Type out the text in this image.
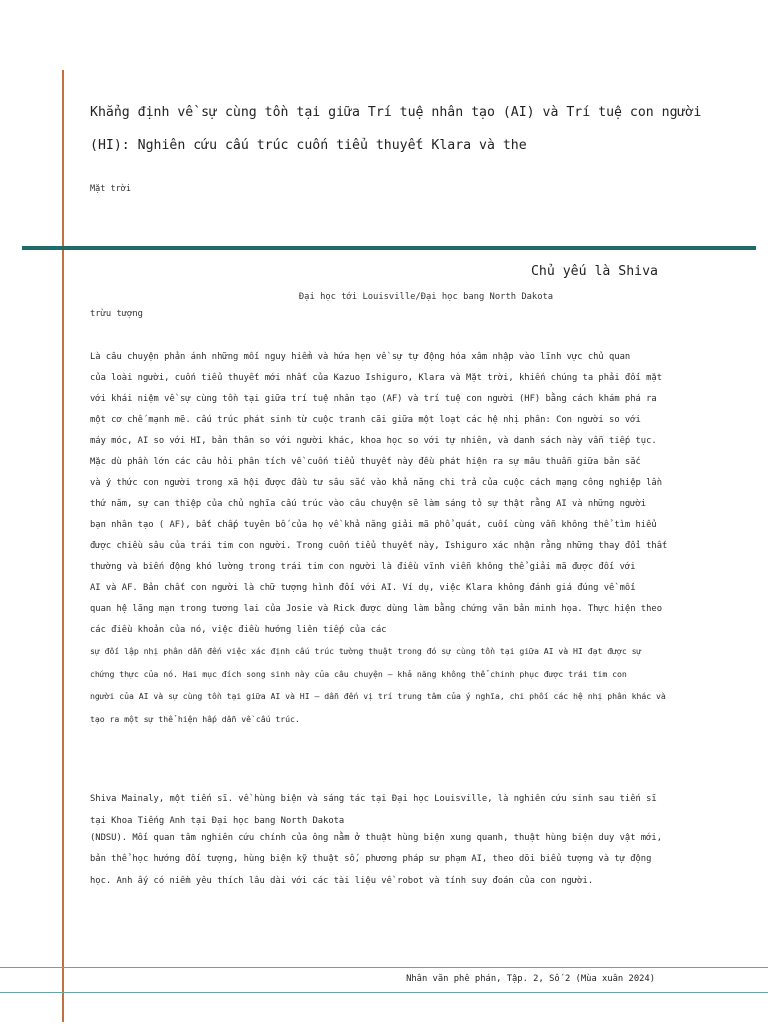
Khẳng định về sự cùng tồn tại giữa Trí tuệ nhân tạo (AI) và Trí tuệ con người
(HI): Nghiên cứu cấu trúc cuốn tiểu thuyết Klara và the
Mặt trời
Chủ yếu là Shiva
Đại học tới Louisville/Đại học bang North Dakota
trừu tượng
Là câu chuyện phản ánh những mối nguy hiểm và hứa hẹn về sự tự động hóa xâm nhập vào lĩnh vực chủ quan
của loài người, cuốn tiểu thuyết mới nhất của Kazuo Ishiguro, Klara và Mặt trời, khiến chúng ta phải đối mặt
với khái niệm về sự cùng tồn tại giữa trí tuệ nhân tạo (AF) và trí tuệ con người (HF) bằng cách khám phá ra
một cơ chế mạnh mẽ. cấu trúc phát sinh từ cuộc tranh cãi giữa một loạt các hệ nhị phân: Con người so với
máy móc, AI so với HI, bản thân so với người khác, khoa học so với tự nhiên, và danh sách này vẫn tiếp tục.
Mặc dù phần lớn các câu hỏi phân tích về cuốn tiểu thuyết này đều phát hiện ra sự mâu thuẫn giữa bản sắc
và ý thức con người trong xã hội được đầu tư sâu sắc vào khả năng chi trả của cuộc cách mạng công nghiệp lần
thứ năm, sự can thiệp của chủ nghĩa cấu trúc vào câu chuyện sẽ làm sáng tỏ sự thật rằng AI và những người
bạn nhân tạo ( AF), bất chấp tuyên bố của họ về khả năng giải mã phổ quát, cuối cùng vẫn không thể tìm hiểu
được chiều sâu của trái tim con người. Trong cuốn tiểu thuyết này, Ishiguro xác nhận rằng những thay đổi thất
thường và biến động khó lường trong trái tim con người là điều vĩnh viễn không thể giải mã được đối với
AI và AF. Bản chất con người là chữ tượng hình đối với AI. Ví dụ, việc Klara không đánh giá đúng về mối
quan hệ lãng mạn trong tương lai của Josie và Rick được dùng làm bằng chứng văn bản minh họa. Thực hiện theo
các điều khoản của nó, việc điều hướng liên tiếp của các
sự đối lập nhị phân dẫn đến việc xác định cấu trúc tường thuật trong đó sự cùng tồn tại giữa AI và HI đạt được sự
chứng thực của nó. Hai mục đích song sinh này của câu chuyện – khả năng không thể chinh phục được trái tim con
người của AI và sự cùng tồn tại giữa AI và HI – dẫn đến vị trí trung tâm của ý nghĩa, chi phối các hệ nhị phân khác và
tạo ra một sự thể hiện hấp dẫn về cấu trúc.
Shiva Mainaly, một tiến sĩ. về hùng biện và sáng tác tại Đại học Louisville, là nghiên cứu sinh sau tiến sĩ
tại Khoa Tiếng Anh tại Đại học bang North Dakota
(NDSU). Mối quan tâm nghiên cứu chính của ông nằm ở thuật hùng biện xung quanh, thuật hùng biện duy vật mới,
bản thể học hướng đối tượng, hùng biện kỹ thuật số, phương pháp sư phạm AI, theo dõi biểu tượng và tự động
học. Anh ấy có niềm yêu thích lâu dài với các tài liệu về robot và tính suy đoán của con người.
Nhân văn phê phán, Tập. 2, Số 2 (Mùa xuân 2024)
